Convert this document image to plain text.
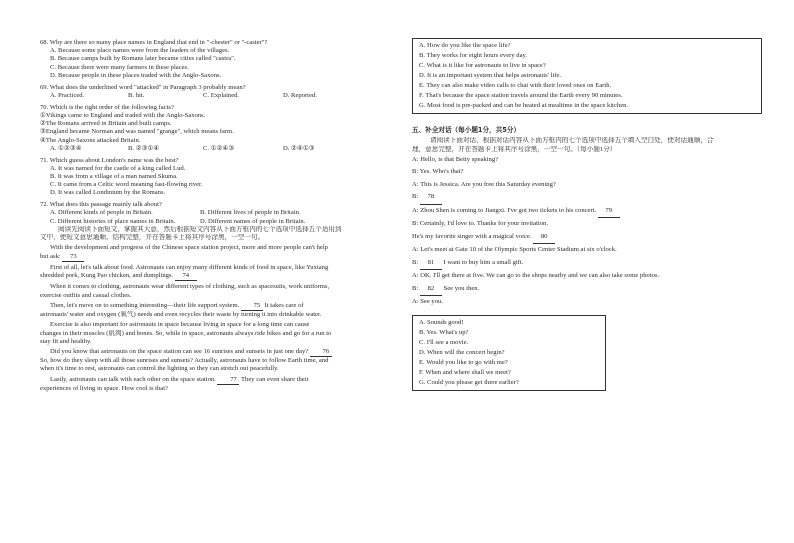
68. Why are there so many place names in England that end in "-chester" or "-caster"?

A. Because some place names were from the leaders of the villages.

B. Because camps built by Romans later became cities called "castra".

C. Because there were many farmers in these places.

D. Because people in these places traded with the Anglo-Saxons.

69. What does the underlined word "attacked" in Paragraph 3 probably mean?

A. Practiced.	B. hit.	C. Explained.	D. Reported.

70. Which is the right order of the following facts?

①Vikings came to England and traded with the Anglo-Saxons.

②The Romans arrived in Britain and built camps.

③England became Norman and was named "grange", which means farm.

④The Anglo-Saxons attacked Britain.

A. ①②③④	B. ②③①④	C. ①②④③	D. ②④①③

71. Which guess about London's name was the best?

A. It was named for the castle of a king called Lud.

B. It was from a village of a man named Skuma.

C. It came from a Celtic word meaning fast-flowing river.

D. It was called Londinium by the Romans.

72. What does this passage mainly talk about?

A. Different kinds of people in Britain.	B. Different lives of people in Britain.
C. Different histories of place names in Britain.	D. Different names of people in Britain.

阅读先阅读下面短文，掌握其大意，然后根据短文内容从下面方框内的七个选项中选择五个适用到

文中，使短文意思通顺、结构完整，并在答题卡上将其序号涂黑，一空一句。

With the development and progress of the Chinese space station project, more and more people can't help

but ask: 73

First of all, let's talk about food. Astronauts can enjoy many different kinds of food in space, like Yuxiang

shredded pork, Kung Pao chicken, and dumplings. 74

When it comes to clothing, astronauts wear different types of clothing, such as spacesuits, work uniforms,

exercise outfits and casual clothes.

Then, let's move on to something interesting—their life support system. 75 It takes care of

astronauts' water and oxygen (氧气) needs and even recycles their waste by turning it into drinkable water.

Exercise is also important for astronauts in space because living in space for a long time can cause

changes in their muscles (肌肉) and bones. So, while in space, astronauts always ride bikes and go for a run to

stay fit and healthy.

Did you know that astronauts on the space station can see 16 sunrises and sunsets in just one day? 76

So, how do they sleep with all those sunrises and sunsets? Actually, astronauts have to follow Earth time, and

when it's time to rest, astronauts can control the lighting so they can stretch out peacefully.

Lastly, astronauts can talk with each other on the space station. 77 They can even share their

experiences of living in space. How cool is that?

A. How do you like the space life?

B. They works for eight hours every day.

C. What is it like for astronauts to live in space?

D. It is an important system that helps astronauts' life.

E. They can also make video calls to chat with their loved ones on Earth.

F. That's because the space station travels around the Earth every 90 minutes.

G. Most food is pre-packed and can be heated at mealtime in the space kitchen.

五、补全对话（每小题1分，共5分）

请阅读下面对话，根据对话内容从下面方框内的七个选项中选择五个填入空白处，使对话通顺，合

理，意思完整，并在答题卡上将其序号涂黑，一空一句。（每小题1分）

A: Hello, is that Betty speaking?

B: Yes. Who's that?

A: This is Jessica. Are you free this Saturday evening?

B: 78

A: Zhou Shen is coming to Jiangxi. I've got two tickets to his concert. 79

B: Certainly, I'd love to. Thanks for your invitation.

He's my favorite singer with a magical voice. 80

A: Let's meet at Gate 10 of the Olympic Sports Center Stadium at six o'clock.

B: 81 I want to buy him a small gift.

A: OK. I'll get there at five. We can go to the shops nearby and we can also take some photos.

B: 82 See you then.

A: See you.

A. Sounds good!

B. Yes. What's up?

C. I'll see a movie.

D. When will the concert begin?

E. Would you like to go with me?

F. When and where shall we meet?

G. Could you please get there earlier?
